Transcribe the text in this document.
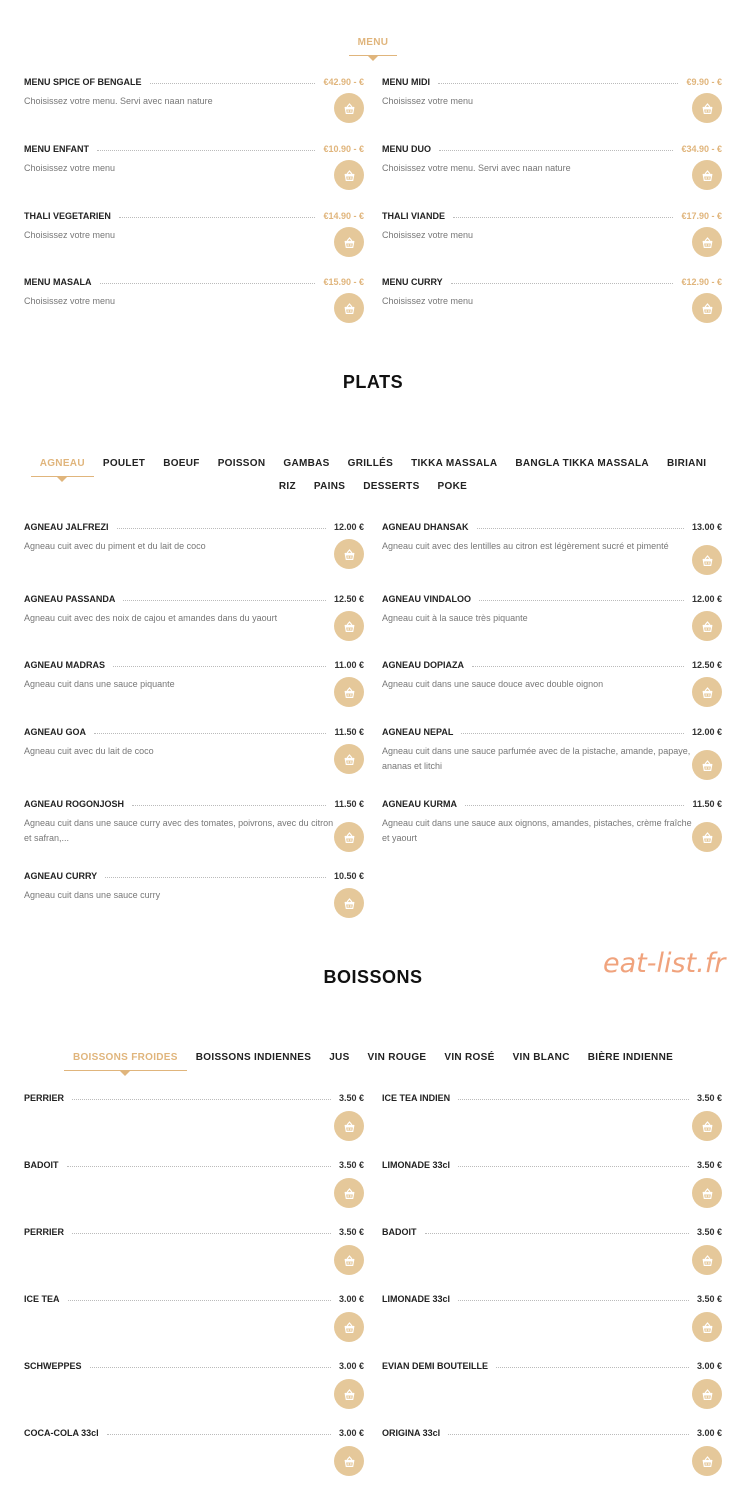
MENU
MENU SPICE OF BENGALE	€42.90 - €
Choisissez votre menu. Servi avec naan nature
MENU MIDI	€9.90 - €
Choisissez votre menu
MENU ENFANT	€10.90 - €
Choisissez votre menu
MENU DUO	€34.90 - €
Choisissez votre menu. Servi avec naan nature
THALI VEGETARIEN	€14.90 - €
Choisissez votre menu
THALI VIANDE	€17.90 - €
Choisissez votre menu
MENU MASALA	€15.90 - €
Choisissez votre menu
MENU CURRY	€12.90 - €
Choisissez votre menu
PLATS
AGNEAU POULET BOEUF POISSON GAMBAS GRILLÉS TIKKA MASSALA BANGLA TIKKA MASSALA BIRIANI
RIZ PAINS DESSERTS POKE
AGNEAU JALFREZI	12.00 €
Agneau cuit avec du piment et du lait de coco
AGNEAU DHANSAK	13.00 €
Agneau cuit avec des lentilles au citron est légèrement sucré et pimenté
AGNEAU PASSANDA	12.50 €
Agneau cuit avec des noix de cajou et amandes dans du yaourt
AGNEAU VINDALOO	12.00 €
Agneau cuit à la sauce très piquante
AGNEAU MADRAS	11.00 €
Agneau cuit dans une sauce piquante
AGNEAU DOPIAZA	12.50 €
Agneau cuit dans une sauce douce avec double oignon
AGNEAU GOA	11.50 €
Agneau cuit avec du lait de coco
AGNEAU NEPAL	12.00 €
Agneau cuit dans une sauce parfumée avec de la pistache, amande, papaye, ananas et litchi
AGNEAU ROGONJOSH	11.50 €
Agneau cuit dans une sauce curry avec des tomates, poivrons, avec du citron et safran,...
AGNEAU KURMA	11.50 €
Agneau cuit dans une sauce aux oignons, amandes, pistaches, crème fraîche et yaourt
AGNEAU CURRY	10.50 €
Agneau cuit dans une sauce curry
BOISSONS	eat-list.fr
BOISSONS FROIDES BOISSONS INDIENNES JUS VIN ROUGE VIN ROSÉ VIN BLANC BIÈRE INDIENNE
PERRIER	3.50 € ICE TEA INDIEN	3.50 €
BADOIT	3.50 € LIMONADE 33cl	3.50 €
PERRIER	3.50 € BADOIT	3.50 €
ICE TEA	3.00 € LIMONADE 33cl	3.50 €
SCHWEPPES	3.00 € EVIAN DEMI BOUTEILLE	3.00 €
COCA-COLA 33cl	3.00 € ORIGINA 33cl	3.00 €
